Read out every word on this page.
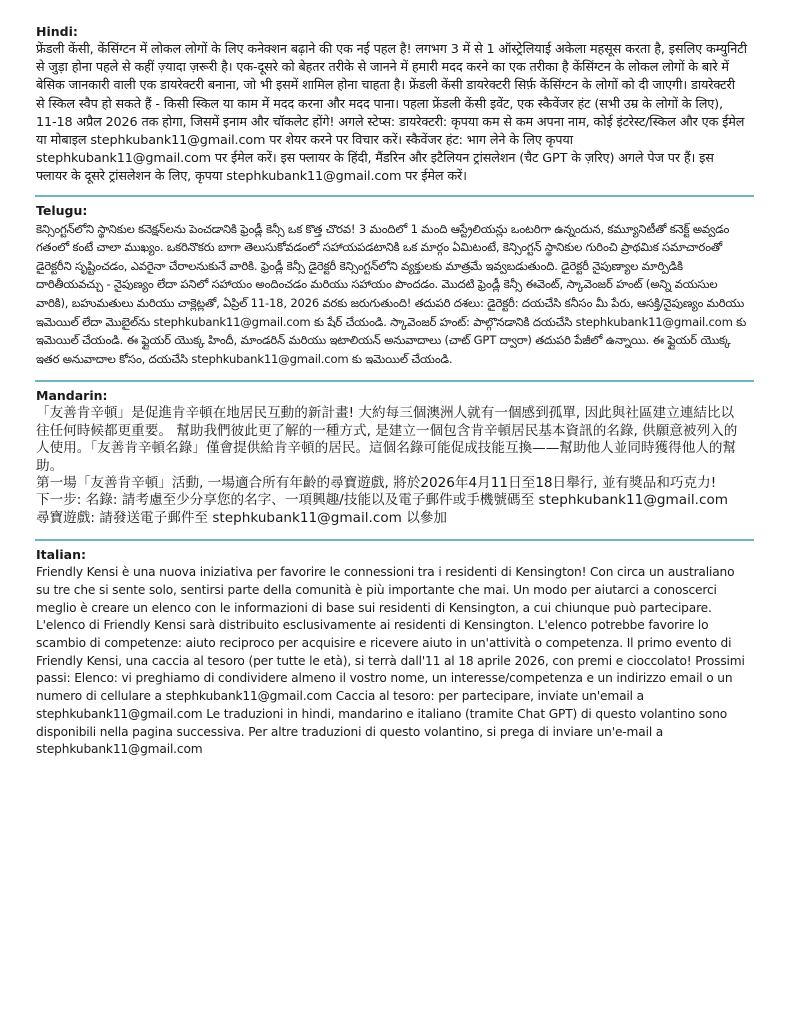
Hindi:

फ्रेंडली केंसी, केंसिंग्टन में लोकल लोगों के लिए कनेक्शन बढ़ाने की एक नई पहल है! लगभग 3 में से 1 ऑस्ट्रेलियाई अकेला महसूस करता है, इसलिए कम्युनिटी से जुड़ा होना पहले से कहीं ज़्यादा ज़रूरी है। एक-दूसरे को बेहतर तरीके से जानने में हमारी मदद करने का एक तरीका है केंसिंग्टन के लोकल लोगों के बारे में बेसिक जानकारी वाली एक डायरेक्टरी बनाना, जो भी इसमें शामिल होना चाहता है। फ्रेंडली केंसी डायरेक्टरी सिर्फ़ केंसिंग्टन के लोगों को दी जाएगी। डायरेक्टरी से स्किल स्वैप हो सकते हैं - किसी स्किल या काम में मदद करना और मदद पाना। पहला फ्रेंडली केंसी इवेंट, एक स्कैवेंजर हंट (सभी उम्र के लोगों के लिए), 11-18 अप्रैल 2026 तक होगा, जिसमें इनाम और चॉकलेट होंगे! अगले स्टेप्स: डायरेक्टरी: कृपया कम से कम अपना नाम, कोई इंटरेस्ट/स्किल और एक ईमेल या मोबाइल stephkubank11@gmail.com पर शेयर करने पर विचार करें। स्कैवेंजर हंट: भाग लेने के लिए कृपया stephkubank11@gmail.com पर ईमेल करें। इस फ्लायर के हिंदी, मैंडरिन और इटैलियन ट्रांसलेशन (चैट GPT के ज़रिए) अगले पेज पर हैं। इस फ्लायर के दूसरे ट्रांसलेशन के लिए, कृपया stephkubank11@gmail.com पर ईमेल करें।

Telugu:

కెన్సింగ్టన్‌లోని స్థానికుల కనెక్షన్‌లను పెంచడానికి ఫ్రెండ్లీ కెన్సీ ఒక కొత్త చొరవ! 3 మందిలో 1 మంది ఆస్ట్రేలియన్లు ఒంటరిగా ఉన్నందున, కమ్యూనిటీతో కనెక్ట్ అవ్వడం గతంలో కంటే చాలా ముఖ్యం. ఒకరినొకరు బాగా తెలుసుకోవడంలో సహాయపడటానికి ఒక మార్గం ఏమిటంటే, కెన్సింగ్టన్ స్థానికుల గురించి ప్రాథమిక సమాచారంతో డైరెక్టరీని సృష్టించడం, ఎవరైనా చేరాలనుకునే వారికి. ఫ్రెండ్లీ కెన్సీ డైరెక్టరీ కెన్సింగ్టన్‌లోని వ్యక్తులకు మాత్రమే ఇవ్వబడుతుంది. డైరెక్టరీ నైపుణ్యాల మార్పిడికి దారితీయవచ్చు - నైపుణ్యం లేదా పనిలో సహాయం అందించడం మరియు సహాయం పొందడం. మొదటి ఫ్రెండ్లీ కెన్సీ ఈవెంట్, స్కావెంజర్ హంట్ (అన్ని వయసుల వారికి), బహుమతులు మరియు చాక్లెట్లతో, ఏప్రిల్ 11-18, 2026 వరకు జరుగుతుంది! తదుపరి దశలు: డైరెక్టరీ: దయచేసి కనీసం మీ పేరు, ఆసక్తి/నైపుణ్యం మరియు ఇమెయిల్ లేదా మొబైల్‌ను stephkubank11@gmail.com కు షేర్ చేయండి. స్కావెంజర్ హంట్: పాల్గొనడానికి దయచేసి stephkubank11@gmail.com కు ఇమెయిల్ చేయండి. ఈ ఫ్లైయర్ యొక్క హిందీ, మాండరిన్ మరియు ఇటాలియన్ అనువాదాలు (చాట్ GPT ద్వారా) తదుపరి పేజీలో ఉన్నాయి. ఈ ఫ్లైయర్ యొక్క ఇతర అనువాదాల కోసం, దయచేసి stephkubank11@gmail.com కు ఇమెయిల్ చేయండి.

Mandarin:

「友善肯辛頓」是促進肯辛頓在地居民互動的新計畫! 大約每三個澳洲人就有一個感到孤單, 因此與社區建立連結比以往任何時候都更重要。 幫助我們彼此更了解的一種方式, 是建立一個包含肯辛頓居民基本資訊的名錄, 供願意被列入的人使用。「友善肯辛頓名錄」僅會提供給肯辛頓的居民。這個名錄可能促成技能互換——幫助他人並同時獲得他人的幫助。

第一場「友善肯辛頓」活動, 一場適合所有年齡的尋寶遊戲, 將於2026年4月11日至18日舉行, 並有獎品和巧克力!

下一步: 名錄: 請考慮至少分享您的名字、一項興趣/技能以及電子郵件或手機號碼至 stephkubank11@gmail.com

尋寶遊戲: 請發送電子郵件至 stephkubank11@gmail.com 以參加

Italian:

Friendly Kensi è una nuova iniziativa per favorire le connessioni tra i residenti di Kensington! Con circa un australiano su tre che si sente solo, sentirsi parte della comunità è più importante che mai. Un modo per aiutarci a conoscerci meglio è creare un elenco con le informazioni di base sui residenti di Kensington, a cui chiunque può partecipare. L'elenco di Friendly Kensi sarà distribuito esclusivamente ai residenti di Kensington. L'elenco potrebbe favorire lo scambio di competenze: aiuto reciproco per acquisire e ricevere aiuto in un'attività o competenza. Il primo evento di Friendly Kensi, una caccia al tesoro (per tutte le età), si terrà dall'11 al 18 aprile 2026, con premi e cioccolato! Prossimi passi: Elenco: vi preghiamo di condividere almeno il vostro nome, un interesse/competenza e un indirizzo email o un numero di cellulare a stephkubank11@gmail.com Caccia al tesoro: per partecipare, inviate un'email a stephkubank11@gmail.com Le traduzioni in hindi, mandarino e italiano (tramite Chat GPT) di questo volantino sono disponibili nella pagina successiva. Per altre traduzioni di questo volantino, si prega di inviare un'e-mail a stephkubank11@gmail.com
